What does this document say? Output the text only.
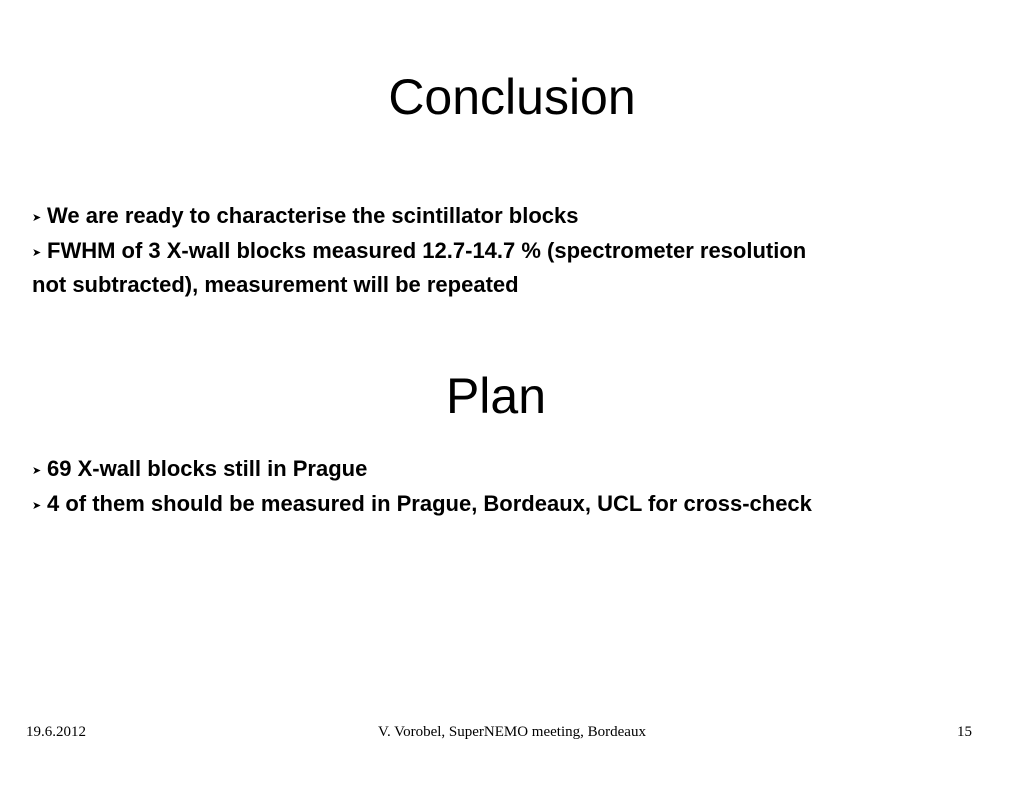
Conclusion
➤ We are ready to characterise the scintillator blocks
➤ FWHM of 3 X-wall blocks measured 12.7-14.7 % (spectrometer resolution
not subtracted), measurement will be repeated
Plan
➤ 69 X-wall blocks still in Prague
➤ 4 of them should be measured in Prague, Bordeaux, UCL for cross-check
19.6.2012	V. Vorobel, SuperNEMO meeting, Bordeaux	15
